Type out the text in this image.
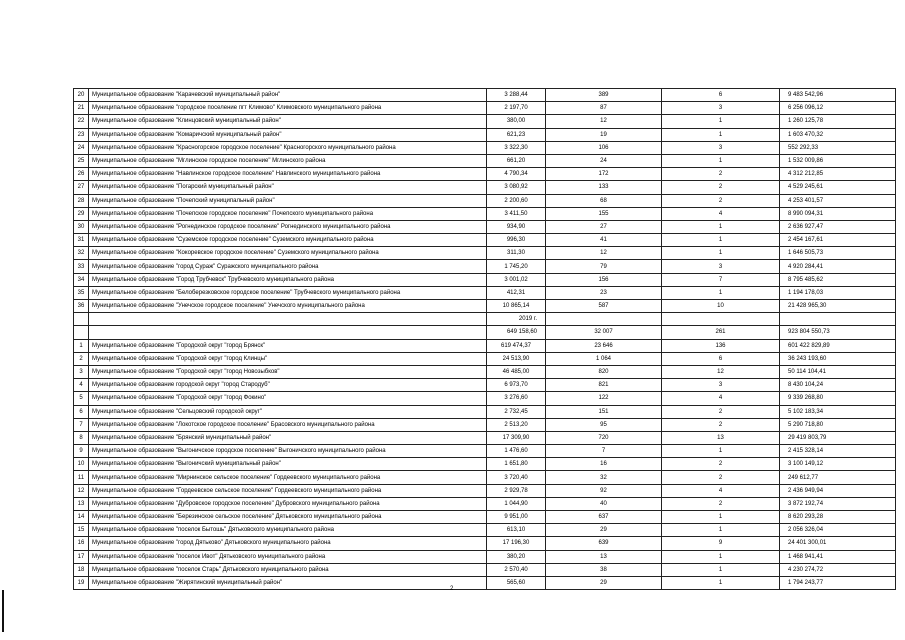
20	Муниципальное образование "Карачевский муниципальный район"	3 288,44	389	6	9 483 542,96
21	Муниципальное образование "городское поселение пгт Климово" Климовского муниципального района	2 197,70	87	3	6 256 096,12
22	Муниципальное образование "Клинцовский муниципальный район"	380,00	12	1	1 260 125,78
23	Муниципальное образование "Комаричский муниципальный район"	621,23	19	1	1 603 470,32
24	Муниципальное образование "Красногорское городское поселение" Красногорского муниципального района	3 322,30	106	3	552 292,33
25	Муниципальное образование "Мглинское городское поселение" Мглинского района	661,20	24	1	1 532 009,86
26	Муниципальное образование "Навлинское городское поселение" Навлинского муниципального района	4 790,34	172	2	4 312 212,85
27	Муниципальное образование "Погарский муниципальный район"	3 080,92	133	2	4 529 245,61
28	Муниципальное образование "Почепский муниципальный район"	2 200,60	68	2	4 253 401,57
29	Муниципальное образование "Почепское городское поселение" Почепского муниципального района	3 411,50	155	4	8 990 094,31
30	Муниципальное образование "Рогнединское городское поселение" Рогнединского муниципального района	934,90	27	1	2 636 927,47
31	Муниципальное образование "Суземское городское поселение" Суземского муниципального района	996,30	41	1	2 454 167,61
32	Муниципальное образование "Кокоревское городское поселение" Суземского муниципального района	311,30	12	1	1 646 505,73
33	Муниципальное образование "город Сураж" Суражского муниципального района	1 745,20	79	3	4 920 284,41
34	Муниципальное образование "Город Трубчевск" Трубчевского муниципального района	3 001,02	156	7	8 795 485,62
35	Муниципальное образование "Белоберезковское городское поселение" Трубчевского муниципального района	412,31	23	1	1 194 178,03
36	Муниципальное образование "Унечское городское поселение" Унечского муниципального района	10 865,14	587	10	21 428 965,30
		2019 г.			
		649 158,60	32 007	261	923 804 550,73
1	Муниципальное образование "Городской округ "город Брянск"	619 474,37	23 646	136	601 422 829,89
2	Муниципальное образование "Городской округ "город Клинцы"	24 513,90	1 064	6	36 243 193,60
3	Муниципальное образование "Городской округ "город Новозыбков"	46 485,00	820	12	50 114 104,41
4	Муниципальное образование городской округ "город Стародуб"	6 973,70	821	3	8 430 104,24
5	Муниципальное образование "Городской округ "город Фокино"	3 276,60	122	4	9 339 268,80
6	Муниципальное образование "Сельцовский городской округ"	2 732,45	151	2	5 102 183,34
7	Муниципальное образование "Локотское городское поселение" Брасовского муниципального района	2 513,20	95	2	5 290 718,80
8	Муниципальное образование "Брянский муниципальный район"	17 309,90	720	13	29 419 803,79
9	Муниципальное образование "Выгоничское городское поселение" Выгоничского муниципального района	1 476,60	7	1	2 415 328,14
10	Муниципальное образование "Выгоничский муниципальный район"	1 651,80	16	2	3 100 149,12
11	Муниципальное образование "Мирнинское сельское поселение" Гордеевского муниципального района	3 720,40	32	2	249 612,77
12	Муниципальное образование "Гордеевское сельское поселение" Гордеевского муниципального района	2 929,78	92	4	2 436 949,94
13	Муниципальное образование "Дубровское городское поселение" Дубровского муниципального района	1 044,90	40	2	3 872 192,74
14	Муниципальное образование "Березинское сельское поселение" Дятьковского муниципального района	9 951,00	637	1	8 620 293,28
15	Муниципальное образование "поселок Бытошь" Дятьковского муниципального района	613,10	29	1	2 056 326,04
16	Муниципальное образование "город Дятьково" Дятьковского муниципального района	17 196,30	639	9	24 401 300,01
17	Муниципальное образование "поселок Ивот" Дятьковского муниципального района	380,20	13	1	1 468 941,41
18	Муниципальное образование "поселок Старь" Дятьковского муниципального района	2 570,40	38	1	4 230 274,72
19	Муниципальное образование "Жирятинский муниципальный район"	565,60	29	1	1 794 243,77
2
